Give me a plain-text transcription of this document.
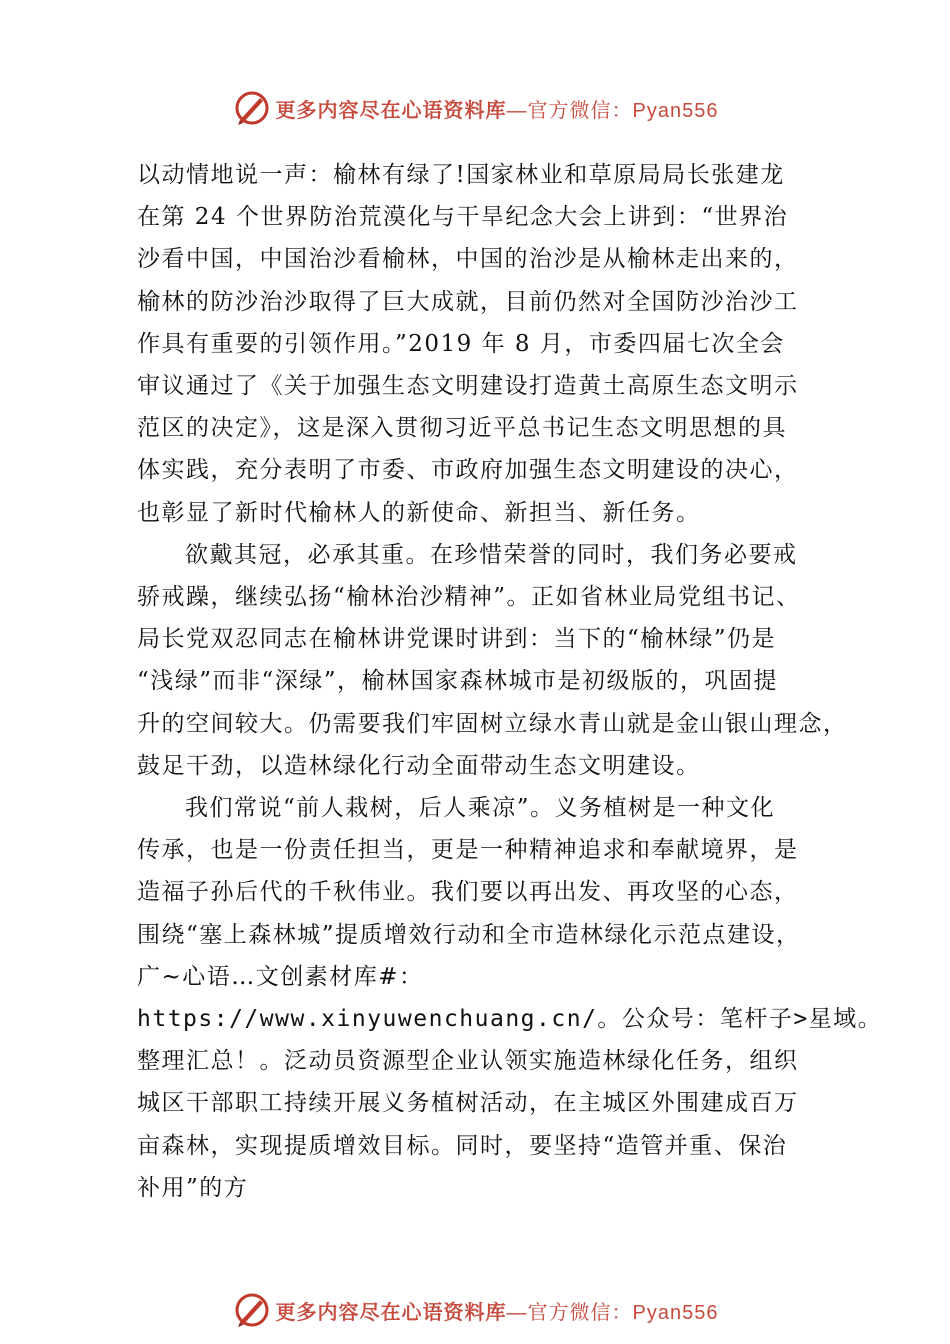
更多内容尽在心语资料库—官方微信：Pyan556

以动情地说一声：榆林有绿了!国家林业和草原局局长张建龙
在第 24 个世界防治荒漠化与干旱纪念大会上讲到：“世界治
沙看中国，中国治沙看榆林，中国的治沙是从榆林走出来的，
榆林的防沙治沙取得了巨大成就，目前仍然对全国防沙治沙工
作具有重要的引领作用。”2019 年 8 月，市委四届七次全会
审议通过了《关于加强生态文明建设打造黄土高原生态文明示
范区的决定》，这是深入贯彻习近平总书记生态文明思想的具
体实践，充分表明了市委、市政府加强生态文明建设的决心，
也彰显了新时代榆林人的新使命、新担当、新任务。

欲戴其冠，必承其重。在珍惜荣誉的同时，我们务必要戒
骄戒躁，继续弘扬“榆林治沙精神”。正如省林业局党组书记、
局长党双忍同志在榆林讲党课时讲到：当下的“榆林绿”仍是
“浅绿”而非“深绿”，榆林国家森林城市是初级版的，巩固提
升的空间较大。仍需要我们牢固树立绿水青山就是金山银山理念，
鼓足干劲，以造林绿化行动全面带动生态文明建设。

我们常说“前人栽树，后人乘凉”。义务植树是一种文化
传承，也是一份责任担当，更是一种精神追求和奉献境界，是
造福子孙后代的千秋伟业。我们要以再出发、再攻坚的心态，
围绕“塞上森林城”提质增效行动和全市造林绿化示范点建设，
广~心语…文创素材库#：
https://www.xinyuwenchuang.cn/。公众号：笔杆子>星域。
整理汇总！。泛动员资源型企业认领实施造林绿化任务，组织
城区干部职工持续开展义务植树活动，在主城区外围建成百万
亩森林，实现提质增效目标。同时，要坚持“造管并重、保治
补用”的方

更多内容尽在心语资料库—官方微信：Pyan556
